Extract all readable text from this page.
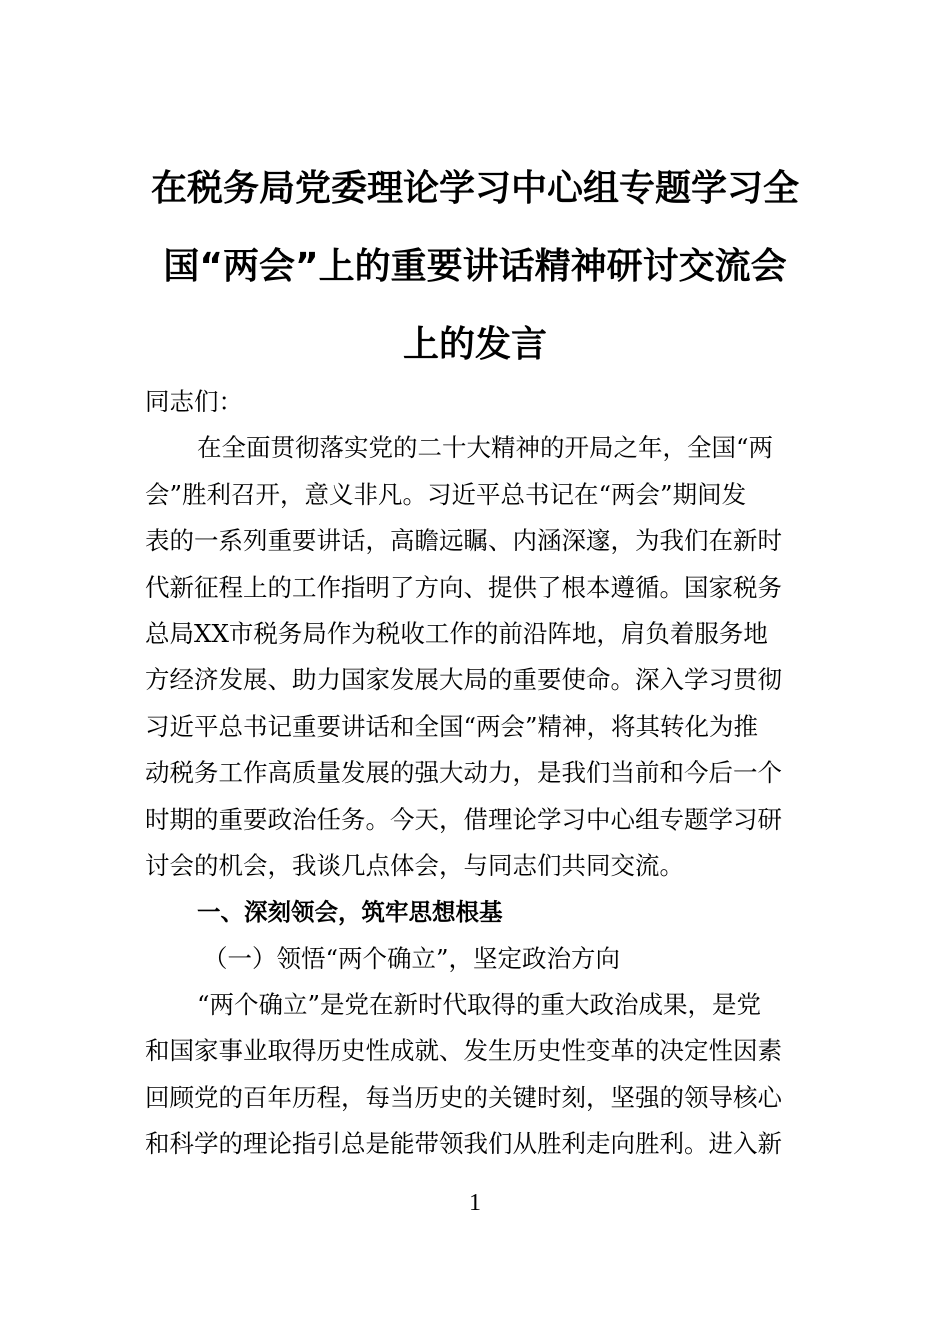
在税务局党委理论学习中心组专题学习全
国“两会”上的重要讲话精神研讨交流会
上的发言
同志们：
在全面贯彻落实党的二十大精神的开局之年，全国“两
会”胜利召开，意义非凡。习近平总书记在“两会”期间发
表的一系列重要讲话，高瞻远瞩、内涵深邃，为我们在新时
代新征程上的工作指明了方向、提供了根本遵循。国家税务
总局XX市税务局作为税收工作的前沿阵地，肩负着服务地
方经济发展、助力国家发展大局的重要使命。深入学习贯彻
习近平总书记重要讲话和全国“两会”精神，将其转化为推
动税务工作高质量发展的强大动力，是我们当前和今后一个
时期的重要政治任务。今天，借理论学习中心组专题学习研
讨会的机会，我谈几点体会，与同志们共同交流。
一、深刻领会，筑牢思想根基
（一）领悟“两个确立”，坚定政治方向
“两个确立”是党在新时代取得的重大政治成果，是党
和国家事业取得历史性成就、发生历史性变革的决定性因素
回顾党的百年历程，每当历史的关键时刻，坚强的领导核心
和科学的理论指引总是能带领我们从胜利走向胜利。进入新
1
